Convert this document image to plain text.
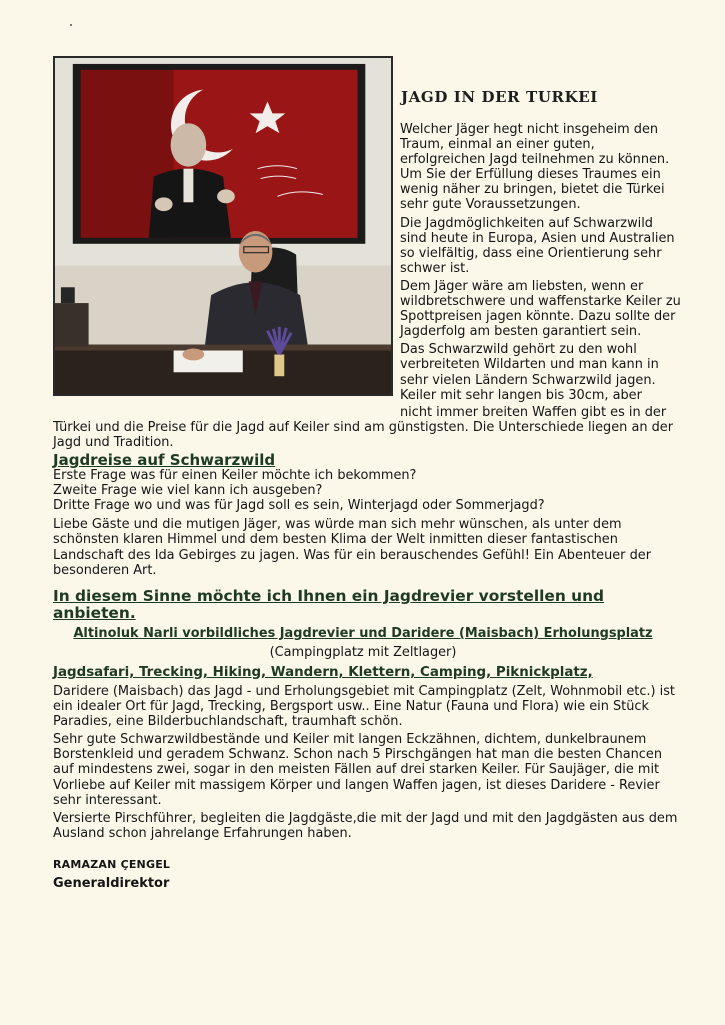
JAGD IN DER TURKEI

Welcher Jäger hegt nicht insgeheim den Traum, einmal an einer guten, erfolgreichen Jagd teilnehmen zu können. Um Sie der Erfüllung dieses Traumes ein wenig näher zu bringen, bietet die Türkei sehr gute Voraussetzungen.

Die Jagdmöglichkeiten auf Schwarzwild sind heute in Europa, Asien und Australien so vielfältig, dass eine Orientierung sehr schwer ist.

Dem Jäger wäre am liebsten, wenn er wildbretschwere und waffenstarke Keiler zu Spottpreisen jagen könnte. Dazu sollte der Jagderfolg am besten garantiert sein.

Das Schwarzwild gehört zu den wohl verbreiteten Wildarten und man kann in sehr vielen Ländern Schwarzwild jagen. Keiler mit sehr langen bis 30cm, aber

nicht immer breiten Waffen gibt es in der

Türkei und die Preise für die Jagd auf Keiler sind am günstigsten. Die Unterschiede liegen an der Jagd und Tradition.

Jagdreise auf Schwarzwild

Erste Frage was für einen Keiler möchte ich bekommen?

Zweite Frage wie viel kann ich ausgeben?

Dritte Frage wo und was für Jagd soll es sein, Winterjagd oder Sommerjagd?

Liebe Gäste und die mutigen Jäger, was würde man sich mehr wünschen, als unter dem schönsten klaren Himmel und dem besten Klima der Welt inmitten dieser fantastischen Landschaft des Ida Gebirges zu jagen. Was für ein berauschendes Gefühl! Ein Abenteuer der besonderen Art.

In diesem Sinne möchte ich Ihnen ein Jagdrevier vorstellen und anbieten.
Altinoluk Narli vorbildliches Jagdrevier und Daridere (Maisbach) Erholungsplatz
(Campingplatz mit Zeltlager)
Jagdsafari, Trecking, Hiking, Wandern, Klettern, Camping, Piknickplatz,

Daridere (Maisbach) das Jagd - und Erholungsgebiet mit Campingplatz (Zelt, Wohnmobil etc.) ist ein idealer Ort für Jagd, Trecking, Bergsport usw.. Eine Natur (Fauna und Flora) wie ein Stück Paradies, eine Bilderbuchlandschaft, traumhaft schön.

Sehr gute Schwarzwildbestände und Keiler mit langen Eckzähnen, dichtem, dunkelbraunem Borstenkleid und geradem Schwanz. Schon nach 5 Pirschgängen hat man die besten Chancen auf mindestens zwei, sogar in den meisten Fällen auf drei starken Keiler. Für Saujäger, die mit Vorliebe auf Keiler mit massigem Körper und langen Waffen jagen, ist dieses Daridere - Revier sehr interessant.

Versierte Pirschführer, begleiten die Jagdgäste,die mit der Jagd und mit den Jagdgästen aus dem Ausland schon jahrelange Erfahrungen haben.

RAMAZAN ÇENGEL
Generaldirektor
